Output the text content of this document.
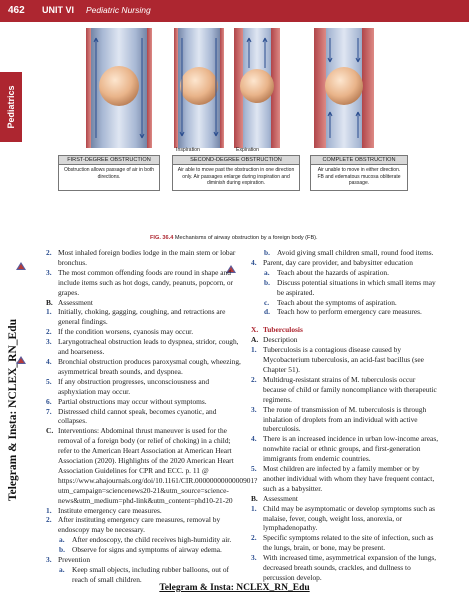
462 UNIT VI Pediatric Nursing
Pediatrics
Telegram & Insta: NCLEX_RN_Edu
Inspiration	Expiration
FIRST-DEGREE OBSTRUCTION
Obstruction allows passage of air in both directions.
SECOND-DEGREE OBSTRUCTION
Air able to move past the obstruction in one direction only. Air passages enlarge during inspiration and diminish during expiration.
COMPLETE OBSTRUCTION
Air unable to move in either direction. FB and edematous mucosa obliterate passage.
FIG. 36.4 Mechanisms of airway obstruction by a foreign body (FB).
2. Most inhaled foreign bodies lodge in the main stem or lobar bronchus.
3. The most common offending foods are round in shape and include items such as hot dogs, candy, peanuts, popcorn, or grapes.
B. Assessment
1. Initially, choking, gagging, coughing, and retractions are general findings.
2. If the condition worsens, cyanosis may occur.
3. Laryngotracheal obstruction leads to dyspnea, stridor, cough, and hoarseness.
4. Bronchial obstruction produces paroxysmal cough, wheezing, asymmetrical breath sounds, and dyspnea.
5. If any obstruction progresses, unconsciousness and asphyxiation may occur.
6. Partial obstructions may occur without symptoms.
7. Distressed child cannot speak, becomes cyanotic, and collapses.
C. Interventions: Abdominal thrust maneuver is used for the removal of a foreign body (or relief of choking) in a child; refer to the American Heart Association at American Heart Association (2020). Highlights of the 2020 American Heart Association Guidelines for CPR and ECC. p. 11 @ https://www.ahajournals.org/doi/10.1161/CIR.0000000000000901?utm_campaign=sciencenews20-21&utm_source=science-news&utm_medium=phd-link&utm_content=phd10-21-20
1. Institute emergency care measures.
2. After instituting emergency care measures, removal by endoscopy may be necessary.
a. After endoscopy, the child receives high-humidity air.
b. Observe for signs and symptoms of airway edema.
3. Prevention
a. Keep small objects, including rubber balloons, out of reach of small children.
b. Avoid giving small children small, round food items.
4. Parent, day care provider, and babysitter education
a. Teach about the hazards of aspiration.
b. Discuss potential situations in which small items may be aspirated.
c. Teach about the symptoms of aspiration.
d. Teach how to perform emergency care measures.
X. Tuberculosis
A. Description
1. Tuberculosis is a contagious disease caused by Mycobacterium tuberculosis, an acid-fast bacillus (see Chapter 51).
2. Multidrug-resistant strains of M. tuberculosis occur because of child or family noncompliance with therapeutic regimens.
3. The route of transmission of M. tuberculosis is through inhalation of droplets from an individual with active tuberculosis.
4. There is an increased incidence in urban low-income areas, nonwhite racial or ethnic groups, and first-generation immigrants from endemic countries.
5. Most children are infected by a family member or by another individual with whom they have frequent contact, such as a babysitter.
B. Assessment
1. Child may be asymptomatic or develop symptoms such as malaise, fever, cough, weight loss, anorexia, or lymphadenopathy.
2. Specific symptoms related to the site of infection, such as the lungs, brain, or bone, may be present.
3. With increased time, asymmetrical expansion of the lungs, decreased breath sounds, crackles, and dullness to percussion develop.
Telegram & Insta: NCLEX_RN_Edu
